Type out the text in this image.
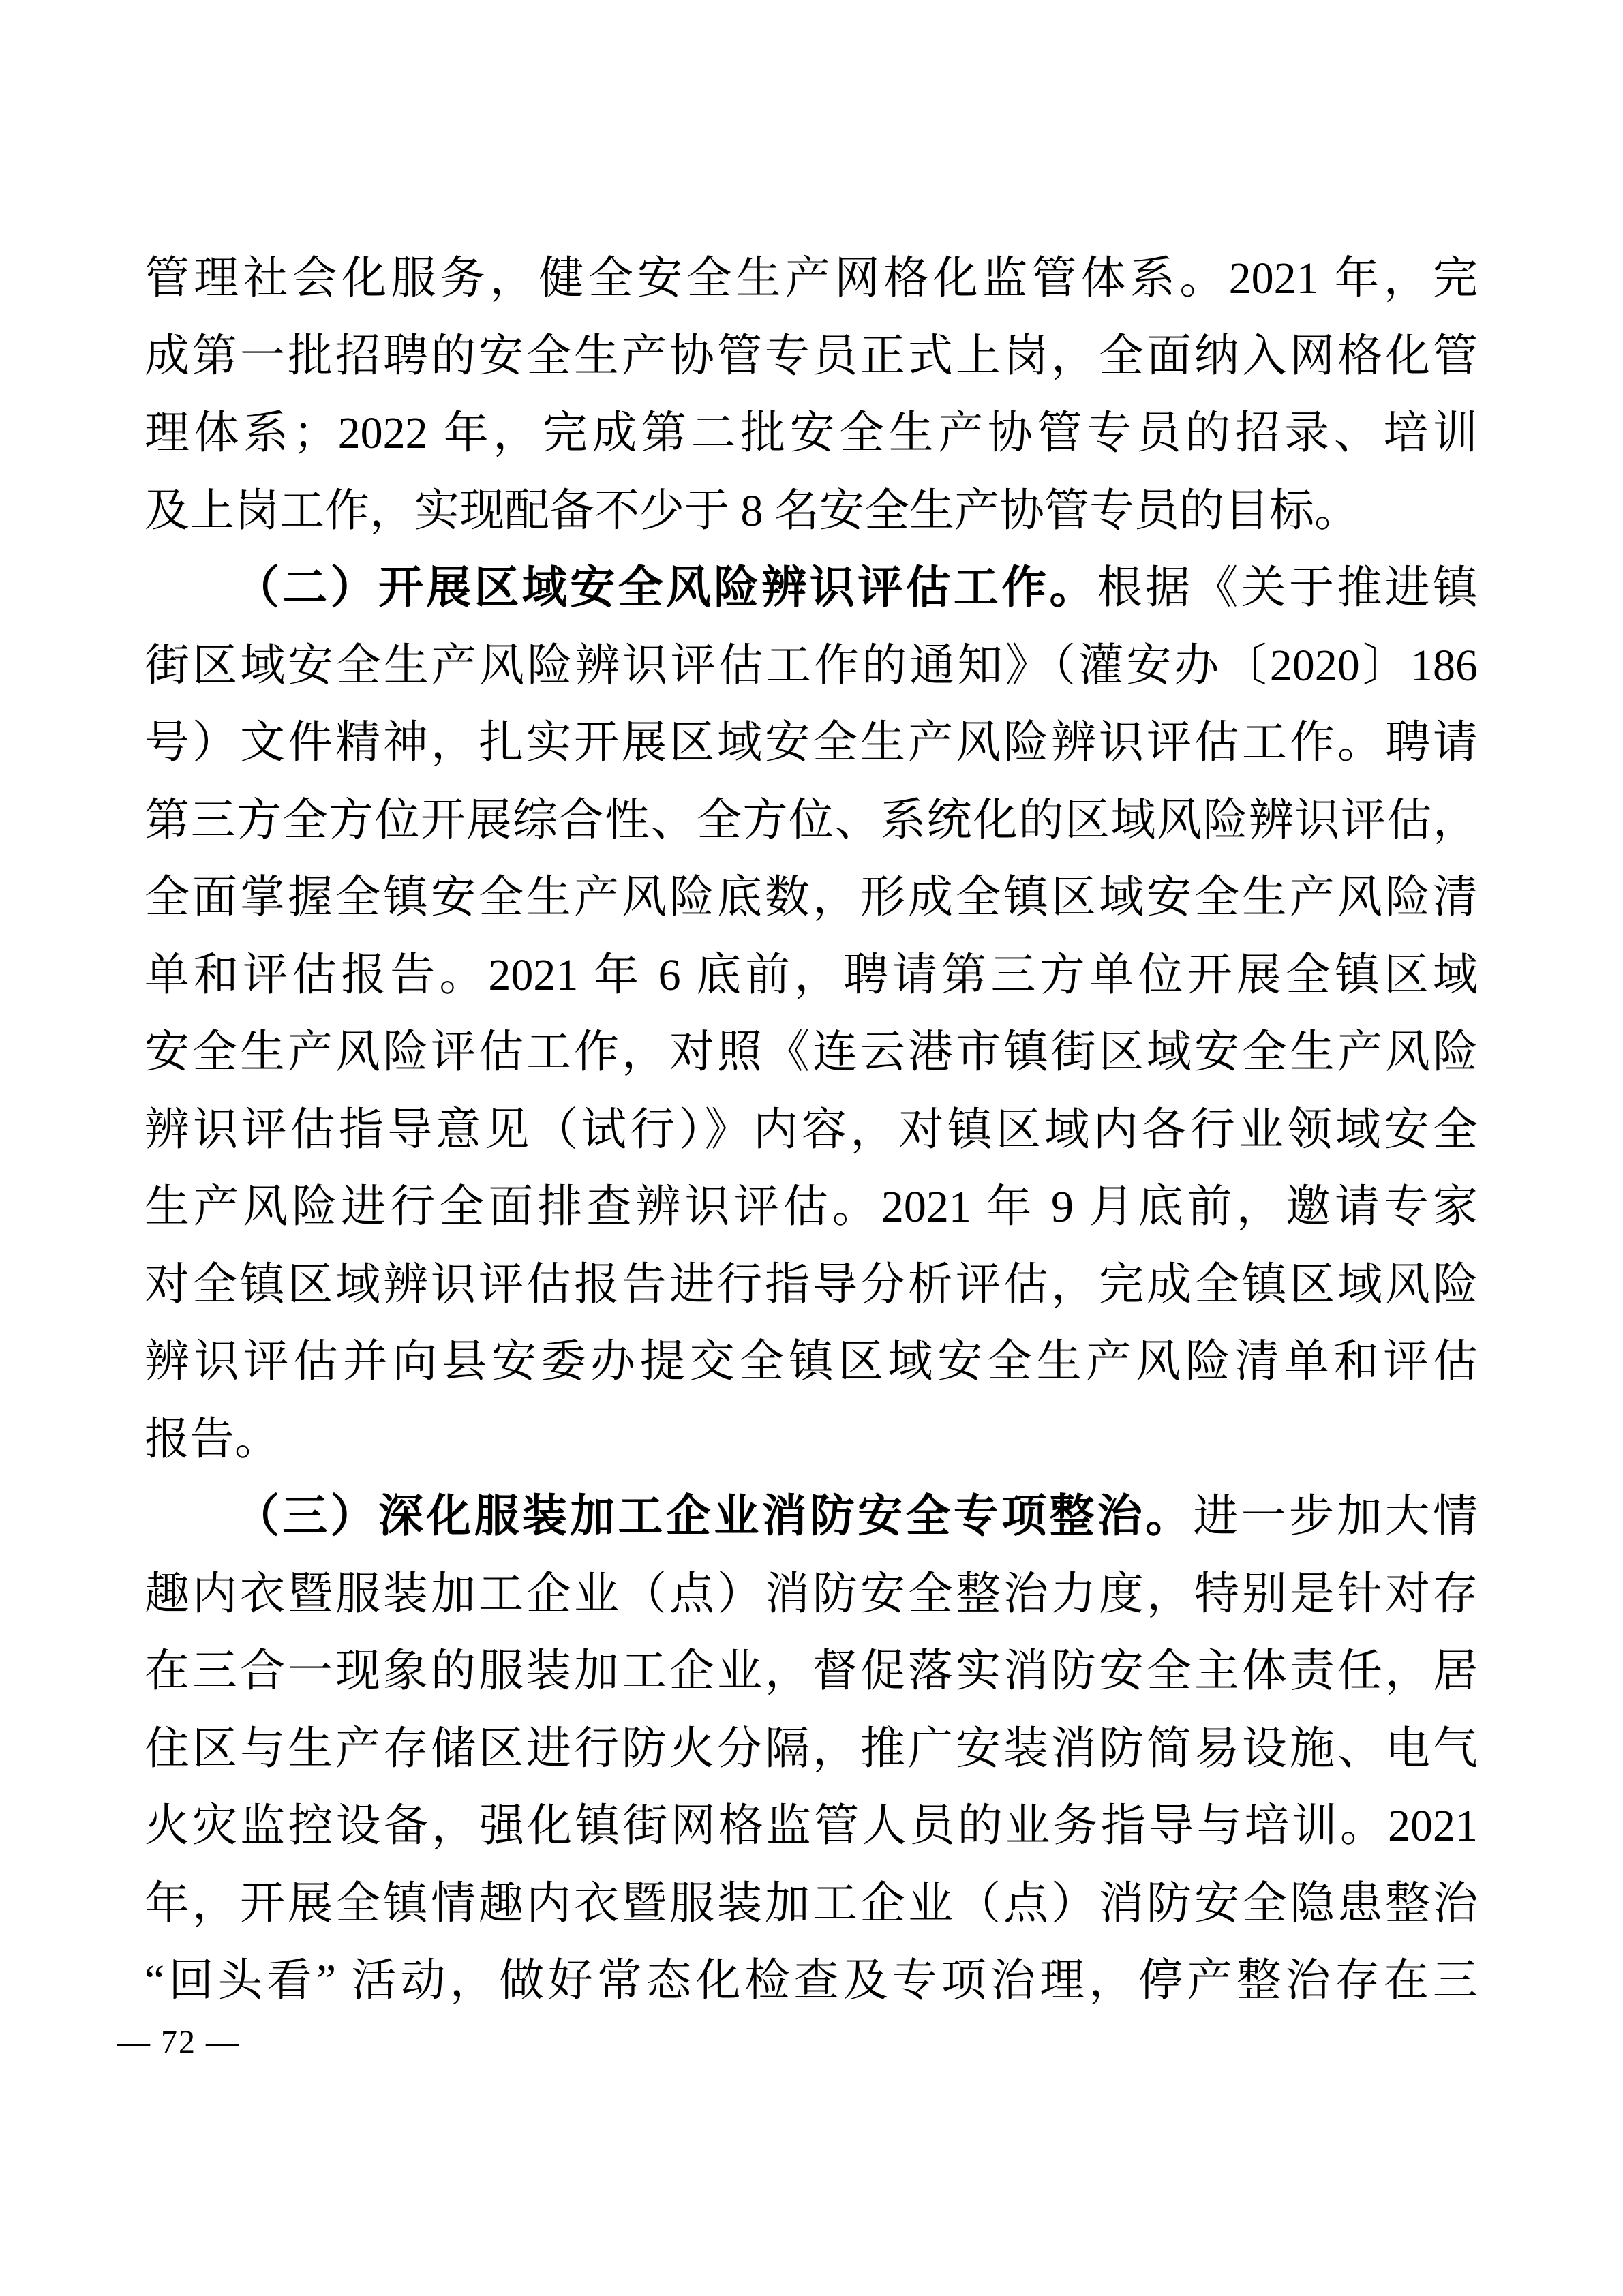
管理社会化服务，健全安全生产网格化监管体系。2021 年，完
成第一批招聘的安全生产协管专员正式上岗，全面纳入网格化管
理体系；2022 年，完成第二批安全生产协管专员的招录、培训
及上岗工作，实现配备不少于 8 名安全生产协管专员的目标。
（二）开展区域安全风险辨识评估工作。根据《关于推进镇
街区域安全生产风险辨识评估工作的通知》（灌安办〔2020〕186
号）文件精神，扎实开展区域安全生产风险辨识评估工作。聘请
第三方全方位开展综合性、全方位、系统化的区域风险辨识评估，
全面掌握全镇安全生产风险底数，形成全镇区域安全生产风险清
单和评估报告。2021 年 6 底前，聘请第三方单位开展全镇区域
安全生产风险评估工作，对照《连云港市镇街区域安全生产风险
辨识评估指导意见（试行）》内容，对镇区域内各行业领域安全
生产风险进行全面排查辨识评估。2021 年 9 月底前，邀请专家
对全镇区域辨识评估报告进行指导分析评估，完成全镇区域风险
辨识评估并向县安委办提交全镇区域安全生产风险清单和评估
报告。
（三）深化服装加工企业消防安全专项整治。进一步加大情
趣内衣暨服装加工企业（点）消防安全整治力度，特别是针对存
在三合一现象的服装加工企业，督促落实消防安全主体责任，居
住区与生产存储区进行防火分隔，推广安装消防简易设施、电气
火灾监控设备，强化镇街网格监管人员的业务指导与培训。2021
年，开展全镇情趣内衣暨服装加工企业（点）消防安全隐患整治
“回头看” 活动，做好常态化检查及专项治理，停产整治存在三
— 72 —
